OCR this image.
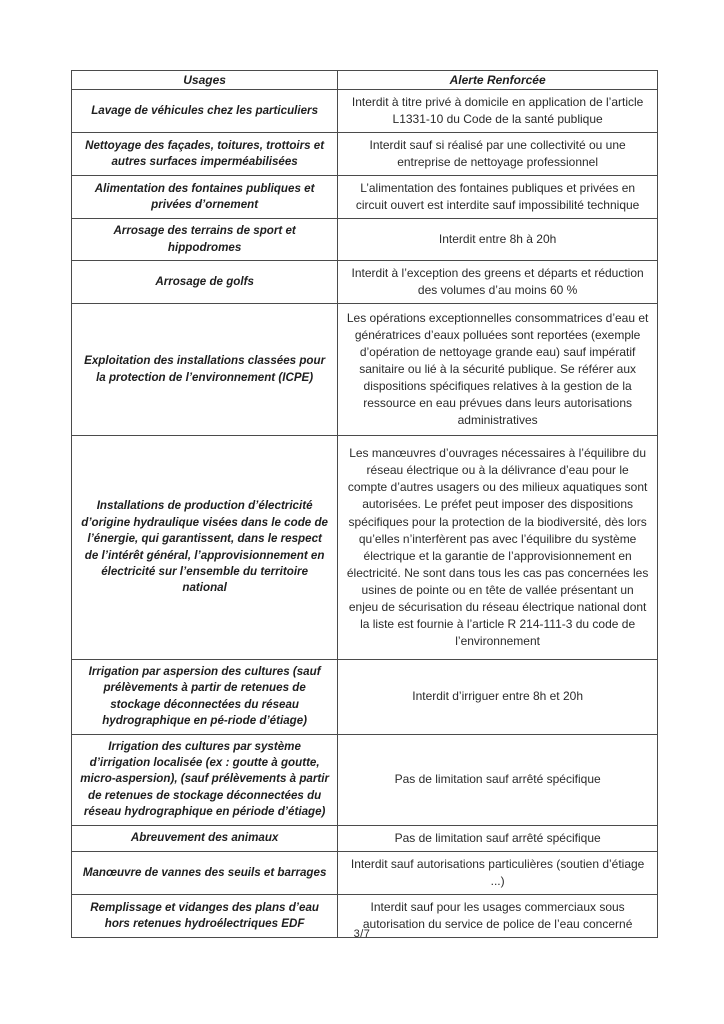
Usages	Alerte Renforcée
Lavage de véhicules chez les particuliers	Interdit à titre privé à domicile en application de l’article L1331-10 du Code de la santé publique
Nettoyage des façades, toitures, trottoirs et autres surfaces imperméabilisées	Interdit sauf si réalisé par une collectivité ou une entreprise de nettoyage professionnel
Alimentation des fontaines publiques et privées d’ornement	L’alimentation des fontaines publiques et privées en circuit ouvert est interdite sauf impossibilité technique
Arrosage des terrains de sport et hippodromes	Interdit entre 8h à 20h
Arrosage de golfs	Interdit à l’exception des greens et départs et réduction des volumes d’au moins 60 %
Exploitation des installations classées pour la protection de l’environnement (ICPE)	Les opérations exceptionnelles consommatrices d’eau et génératrices d’eaux polluées sont reportées (exemple d’opération de nettoyage grande eau) sauf impératif sanitaire ou lié à la sécurité publique. Se référer aux dispositions spécifiques relatives à la gestion de la ressource en eau prévues dans leurs autorisations administratives
Installations de production d’électricité d’origine hydraulique visées dans le code de l’énergie, qui garantissent, dans le respect de l’intérêt général, l’approvisionnement en électricité sur l’ensemble du territoire national	Les manœuvres d’ouvrages nécessaires à l’équilibre du réseau électrique ou à la délivrance d’eau pour le compte d’autres usagers ou des milieux aquatiques sont autorisées. Le préfet peut imposer des dispositions spécifiques pour la protection de la biodiversité, dès lors qu’elles n’interfèrent pas avec l’équilibre du système électrique et la garantie de l’approvisionnement en électricité. Ne sont dans tous les cas pas concernées les usines de pointe ou en tête de vallée présentant un enjeu de sécurisation du réseau électrique national dont la liste est fournie à l’article R 214-111-3 du code de l’environnement
Irrigation par aspersion des cultures (sauf prélèvements à partir de retenues de stockage déconnectées du réseau hydrographique en pé-riode d’étiage)	Interdit d’irriguer entre 8h et 20h
Irrigation des cultures par système d’irrigation localisée (ex : goutte à goutte, micro-aspersion), (sauf prélèvements à partir de retenues de stockage déconnectées du réseau hydrographique en période d’étiage)	Pas de limitation sauf arrêté spécifique
Abreuvement des animaux	Pas de limitation sauf arrêté spécifique
Manœuvre de vannes des seuils et barrages	Interdit sauf autorisations particulières (soutien d’étiage ...)
Remplissage et vidanges des plans d’eau hors retenues hydroélectriques EDF	Interdit sauf pour les usages commerciaux sous autorisation du service de police de l’eau concerné
3/7
